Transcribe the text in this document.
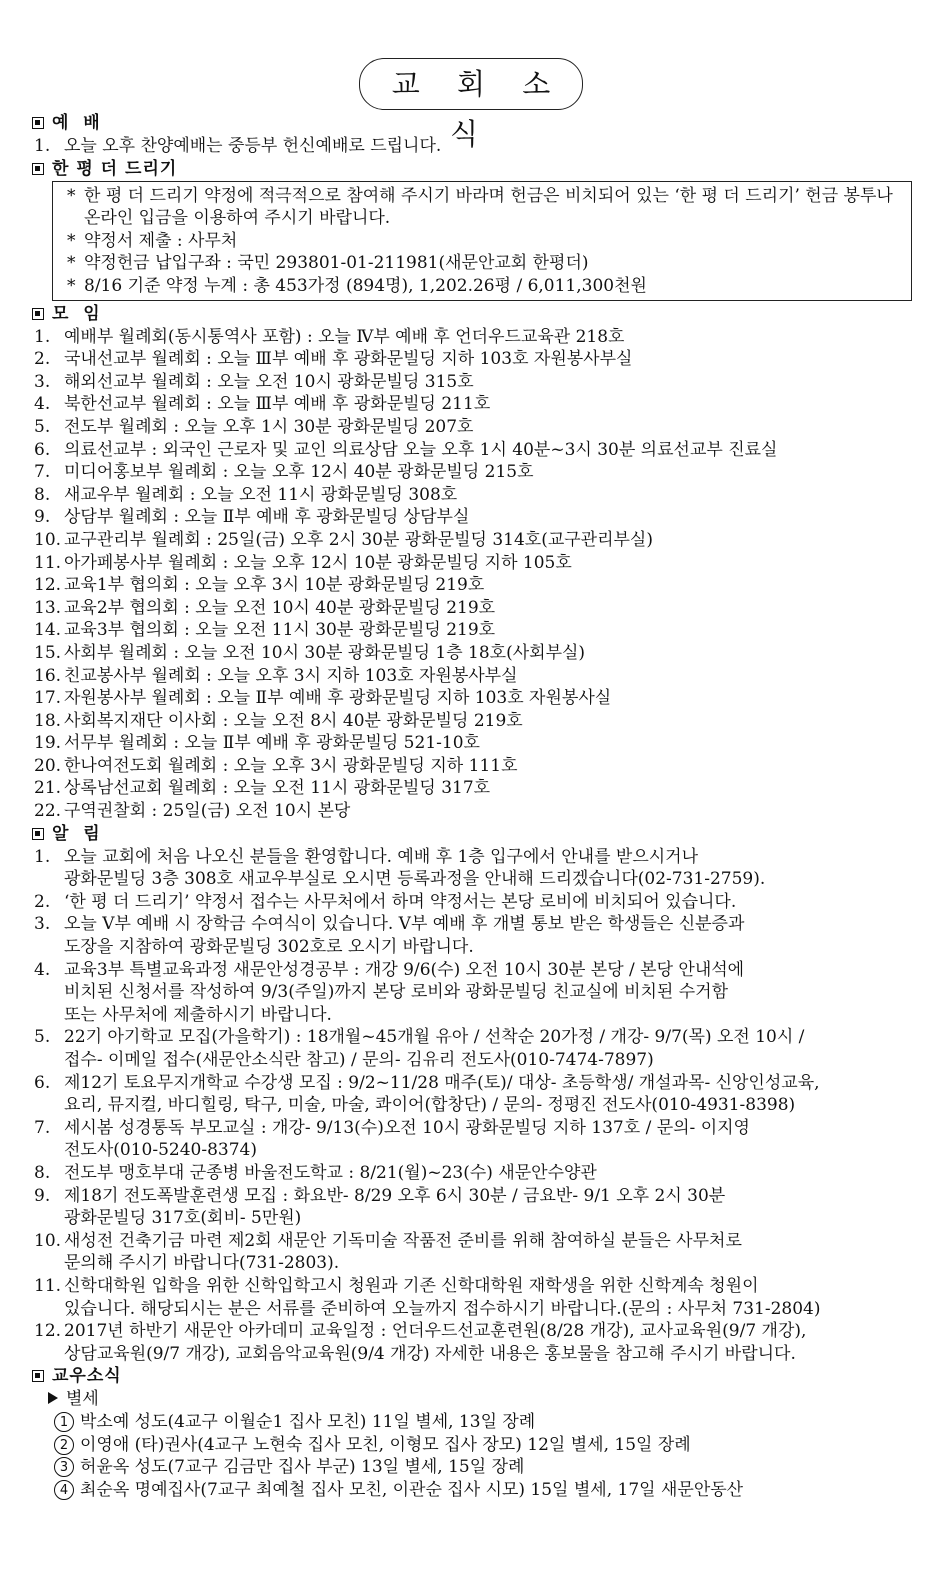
교 회 소 식
예  배
1. 오늘 오후 찬양예배는 중등부 헌신예배로 드립니다.
한 평 더 드리기
* 한 평 더 드리기 약정에 적극적으로 참여해 주시기 바라며 헌금은 비치되어 있는 ‘한 평 더 드리기’ 헌금 봉투나 온라인 입금을 이용하여 주시기 바랍니다.
* 약정서 제출 : 사무처
* 약정헌금 납입구좌 : 국민 293801-01-211981(새문안교회 한평더)
* 8/16 기준 약정 누계 : 총 453가정 (894명), 1,202.26평 / 6,011,300천원
모  임
1. 예배부 월례회(동시통역사 포함) : 오늘 Ⅳ부 예배 후 언더우드교육관 218호
2. 국내선교부 월례회 : 오늘 Ⅲ부 예배 후 광화문빌딩 지하 103호 자원봉사부실
3. 해외선교부 월례회 : 오늘 오전 10시 광화문빌딩 315호
4. 북한선교부 월례회 : 오늘 Ⅲ부 예배 후 광화문빌딩 211호
5. 전도부 월례회 : 오늘 오후 1시 30분 광화문빌딩 207호
6. 의료선교부 : 외국인 근로자 및 교인 의료상담 오늘 오후 1시 40분~3시 30분 의료선교부 진료실
7. 미디어홍보부 월례회 : 오늘 오후 12시 40분 광화문빌딩 215호
8. 새교우부 월례회 : 오늘 오전 11시 광화문빌딩 308호
9. 상담부 월례회 : 오늘 Ⅱ부 예배 후 광화문빌딩 상담부실
10. 교구관리부 월례회 : 25일(금) 오후 2시 30분 광화문빌딩 314호(교구관리부실)
11. 아가페봉사부 월례회 : 오늘 오후 12시 10분 광화문빌딩 지하 105호
12. 교육1부 협의회 : 오늘 오후 3시 10분 광화문빌딩 219호
13. 교육2부 협의회 : 오늘 오전 10시 40분 광화문빌딩 219호
14. 교육3부 협의회 : 오늘 오전 11시 30분 광화문빌딩 219호
15. 사회부 월례회 : 오늘 오전 10시 30분 광화문빌딩 1층 18호(사회부실)
16. 친교봉사부 월례회 : 오늘 오후 3시 지하 103호 자원봉사부실
17. 자원봉사부 월례회 : 오늘 Ⅱ부 예배 후 광화문빌딩 지하 103호 자원봉사실
18. 사회복지재단 이사회 : 오늘 오전 8시 40분 광화문빌딩 219호
19. 서무부 월례회 : 오늘 Ⅱ부 예배 후 광화문빌딩 521-10호
20. 한나여전도회 월례회 : 오늘 오후 3시 광화문빌딩 지하 111호
21. 상록남선교회 월례회 : 오늘 오전 11시 광화문빌딩 317호
22. 구역권찰회 : 25일(금) 오전 10시 본당
알  림
1. 오늘 교회에 처음 나오신 분들을 환영합니다. 예배 후 1층 입구에서 안내를 받으시거나
광화문빌딩 3층 308호 새교우부실로 오시면 등록과정을 안내해 드리겠습니다(02-731-2759).
2. ‘한 평 더 드리기’ 약정서 접수는 사무처에서 하며 약정서는 본당 로비에 비치되어 있습니다.
3. 오늘 Ⅴ부 예배 시 장학금 수여식이 있습니다. Ⅴ부 예배 후 개별 통보 받은 학생들은 신분증과
도장을 지참하여 광화문빌딩 302호로 오시기 바랍니다.
4. 교육3부 특별교육과정 새문안성경공부 : 개강 9/6(수) 오전 10시 30분 본당 / 본당 안내석에
비치된 신청서를 작성하여 9/3(주일)까지 본당 로비와 광화문빌딩 친교실에 비치된 수거함
또는 사무처에 제출하시기 바랍니다.
5. 22기 아기학교 모집(가을학기) : 18개월~45개월 유아 / 선착순 20가정 / 개강- 9/7(목) 오전 10시 /
접수- 이메일 접수(새문안소식란 참고) / 문의- 김유리 전도사(010-7474-7897)
6. 제12기 토요무지개학교 수강생 모집 : 9/2~11/28 매주(토)/ 대상- 초등학생/ 개설과목- 신앙인성교육,
요리, 뮤지컬, 바디힐링, 탁구, 미술, 마술, 콰이어(합창단) / 문의- 정평진 전도사(010-4931-8398)
7. 세시봄 성경통독 부모교실 : 개강- 9/13(수)오전 10시 광화문빌딩 지하 137호 / 문의- 이지영
전도사(010-5240-8374)
8. 전도부 맹호부대 군종병 바울전도학교 : 8/21(월)~23(수) 새문안수양관
9. 제18기 전도폭발훈련생 모집 : 화요반- 8/29 오후 6시 30분 / 금요반- 9/1 오후 2시 30분
광화문빌딩 317호(회비- 5만원)
10. 새성전 건축기금 마련 제2회 새문안 기독미술 작품전 준비를 위해 참여하실 분들은 사무처로
문의해 주시기 바랍니다(731-2803).
11. 신학대학원 입학을 위한 신학입학고시 청원과 기존 신학대학원 재학생을 위한 신학계속 청원이
있습니다. 해당되시는 분은 서류를 준비하여 오늘까지 접수하시기 바랍니다.(문의 : 사무처 731-2804)
12. 2017년 하반기 새문안 아카데미 교육일정 : 언더우드선교훈련원(8/28 개강), 교사교육원(9/7 개강),
상담교육원(9/7 개강), 교회음악교육원(9/4 개강) 자세한 내용은 홍보물을 참고해 주시기 바랍니다.
교우소식
별세
1 박소예 성도(4교구 이월순1 집사 모친) 11일 별세, 13일 장례
2 이영애 (타)권사(4교구 노현숙 집사 모친, 이형모 집사 장모) 12일 별세, 15일 장례
3 허윤옥 성도(7교구 김금만 집사 부군) 13일 별세, 15일 장례
4 최순옥 명예집사(7교구 최예철 집사 모친, 이관순 집사 시모) 15일 별세, 17일 새문안동산
